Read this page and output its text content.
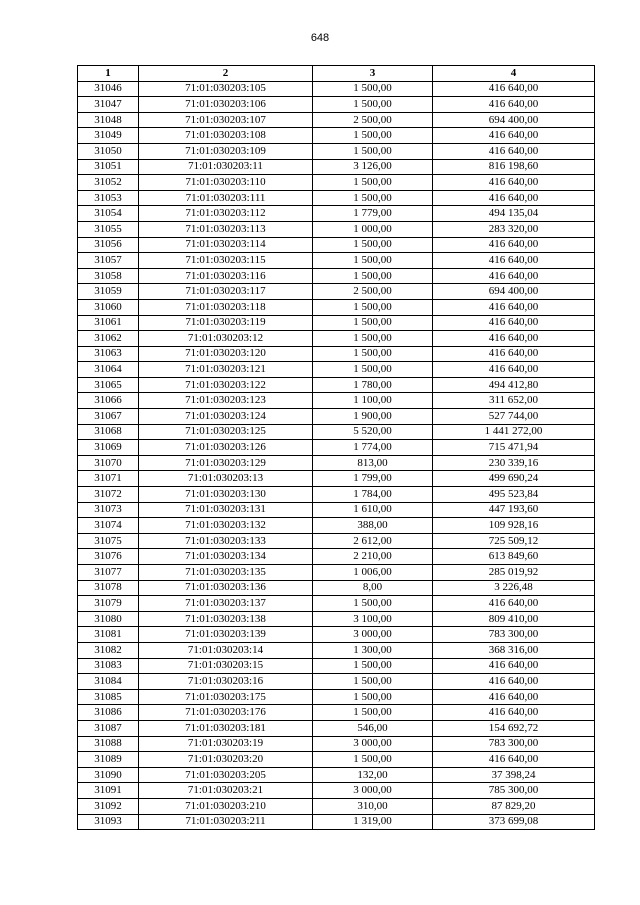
648
1	2	3	4
31046	71:01:030203:105	1 500,00	416 640,00
31047	71:01:030203:106	1 500,00	416 640,00
31048	71:01:030203:107	2 500,00	694 400,00
31049	71:01:030203:108	1 500,00	416 640,00
31050	71:01:030203:109	1 500,00	416 640,00
31051	71:01:030203:11	3 126,00	816 198,60
31052	71:01:030203:110	1 500,00	416 640,00
31053	71:01:030203:111	1 500,00	416 640,00
31054	71:01:030203:112	1 779,00	494 135,04
31055	71:01:030203:113	1 000,00	283 320,00
31056	71:01:030203:114	1 500,00	416 640,00
31057	71:01:030203:115	1 500,00	416 640,00
31058	71:01:030203:116	1 500,00	416 640,00
31059	71:01:030203:117	2 500,00	694 400,00
31060	71:01:030203:118	1 500,00	416 640,00
31061	71:01:030203:119	1 500,00	416 640,00
31062	71:01:030203:12	1 500,00	416 640,00
31063	71:01:030203:120	1 500,00	416 640,00
31064	71:01:030203:121	1 500,00	416 640,00
31065	71:01:030203:122	1 780,00	494 412,80
31066	71:01:030203:123	1 100,00	311 652,00
31067	71:01:030203:124	1 900,00	527 744,00
31068	71:01:030203:125	5 520,00	1 441 272,00
31069	71:01:030203:126	1 774,00	715 471,94
31070	71:01:030203:129	813,00	230 339,16
31071	71:01:030203:13	1 799,00	499 690,24
31072	71:01:030203:130	1 784,00	495 523,84
31073	71:01:030203:131	1 610,00	447 193,60
31074	71:01:030203:132	388,00	109 928,16
31075	71:01:030203:133	2 612,00	725 509,12
31076	71:01:030203:134	2 210,00	613 849,60
31077	71:01:030203:135	1 006,00	285 019,92
31078	71:01:030203:136	8,00	3 226,48
31079	71:01:030203:137	1 500,00	416 640,00
31080	71:01:030203:138	3 100,00	809 410,00
31081	71:01:030203:139	3 000,00	783 300,00
31082	71:01:030203:14	1 300,00	368 316,00
31083	71:01:030203:15	1 500,00	416 640,00
31084	71:01:030203:16	1 500,00	416 640,00
31085	71:01:030203:175	1 500,00	416 640,00
31086	71:01:030203:176	1 500,00	416 640,00
31087	71:01:030203:181	546,00	154 692,72
31088	71:01:030203:19	3 000,00	783 300,00
31089	71:01:030203:20	1 500,00	416 640,00
31090	71:01:030203:205	132,00	37 398,24
31091	71:01:030203:21	3 000,00	785 300,00
31092	71:01:030203:210	310,00	87 829,20
31093	71:01:030203:211	1 319,00	373 699,08
